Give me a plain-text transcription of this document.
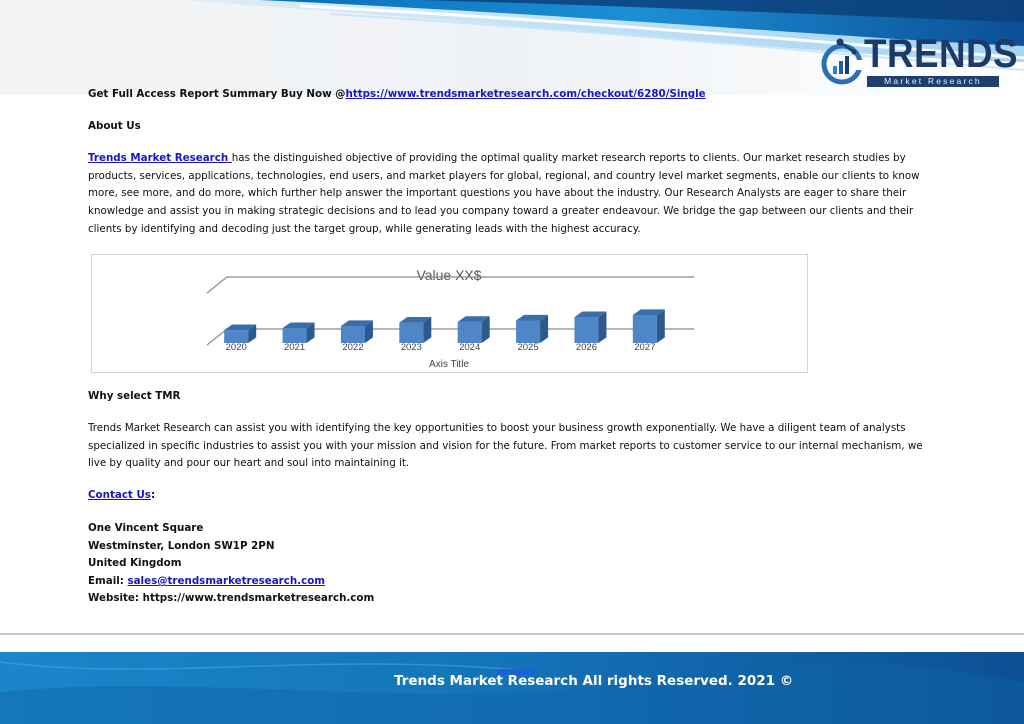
TRENDS
Market Research
Get Full Access Report Summary Buy Now @https://www.trendsmarketresearch.com/checkout/6280/Single
About Us
Trends Market Research has the distinguished objective of providing the optimal quality market research reports to clients. Our market research studies by products, services, applications, technologies, end users, and market players for global, regional, and country level market segments, enable our clients to know more, see more, and do more, which further help answer the important questions you have about the industry. Our Research Analysts are eager to share their knowledge and assist you in making strategic decisions and to lead you company toward a greater endeavour. We bridge the gap between our clients and their clients by identifying and decoding just the target group, while generating leads with the highest accuracy.
Why select TMR
Trends Market Research can assist you with identifying the key opportunities to boost your business growth exponentially. We have a diligent team of analysts specialized in specific industries to assist you with your mission and vision for the future. From market reports to customer service to our internal mechanism, we live by quality and pour our heart and soul into maintaining it.
Contact Us:
One Vincent Square
Westminster, London SW1P 2PN
United Kingdom
Email: sales@trendsmarketresearch.com
Website: https://www.trendsmarketresearch.com
Value XX$
2020	2021	2022	2023	2024	2025	2026	2027
Axis Title
Trends Market Research All rights Reserved. 2021 ©
